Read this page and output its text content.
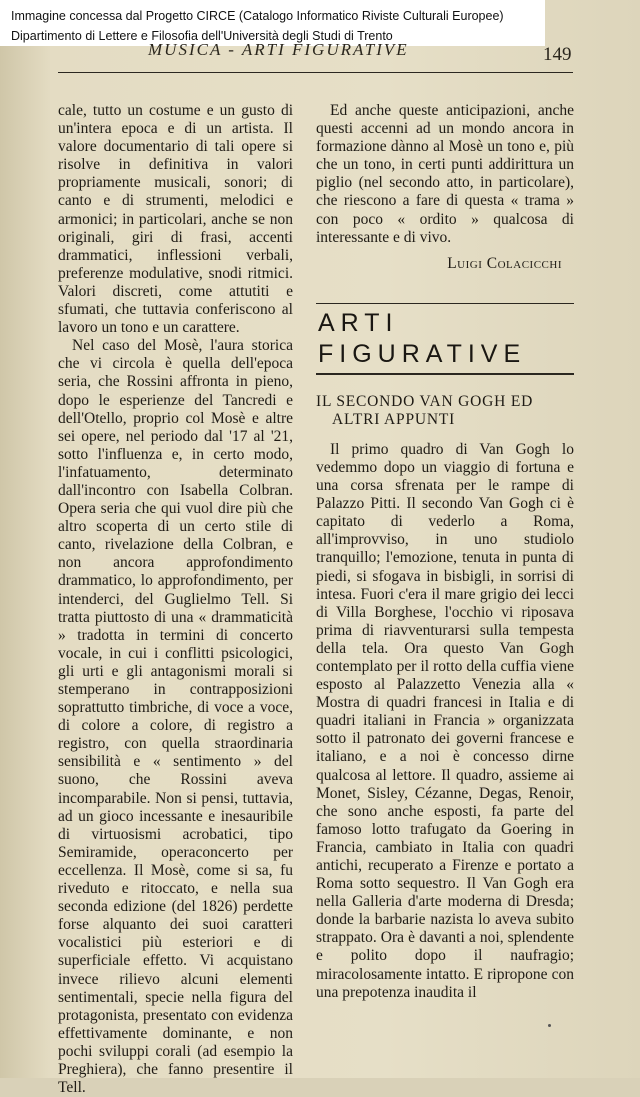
Immagine concessa dal Progetto CIRCE (Catalogo Informatico Riviste Culturali Europee)
Dipartimento di Lettere e Filosofia dell'Università degli Studi di Trento
MUSICA - ARTI FIGURATIVE	149

cale, tutto un costume e un gusto di un'intera epoca e di un artista. Il valore documentario di tali opere si risolve in definitiva in valori propriamente musicali, sonori; di canto e di strumenti, melodici e armonici; in particolari, anche se non originali, giri di frasi, accenti drammatici, inflessioni verbali, preferenze modulative, snodi ritmici. Valori discreti, come attutiti e sfumati, che tuttavia conferiscono al lavoro un tono e un carattere.

Nel caso del Mosè, l'aura storica che vi circola è quella dell'epoca seria, che Rossini affronta in pieno, dopo le esperienze del Tancredi e dell'Otello, proprio col Mosè e altre sei opere, nel periodo dal '17 al '21, sotto l'influenza e, in certo modo, l'infatuamento, determinato dall'incontro con Isabella Colbran. Opera seria che qui vuol dire più che altro scoperta di un certo stile di canto, rivelazione della Colbran, e non ancora approfondimento drammatico, lo approfondimento, per intenderci, del Guglielmo Tell. Si tratta piuttosto di una « drammaticità » tradotta in termini di concerto vocale, in cui i conflitti psicologici, gli urti e gli antagonismi morali si stemperano in contrapposizioni soprattutto timbriche, di voce a voce, di colore a colore, di registro a registro, con quella straordinaria sensibilità e « sentimento » del suono, che Rossini aveva incomparabile. Non si pensi, tuttavia, ad un gioco incessante e inesauribile di virtuosismi acrobatici, tipo Semiramide, operaconcerto per eccellenza. Il Mosè, come si sa, fu riveduto e ritoccato, e nella sua seconda edizione (del 1826) perdette forse alquanto dei suoi caratteri vocalistici più esteriori e di superficiale effetto. Vi acquistano invece rilievo alcuni elementi sentimentali, specie nella figura del protagonista, presentato con evidenza effettivamente dominante, e non pochi sviluppi corali (ad esempio la Preghiera), che fanno presentire il Tell.

Ed anche queste anticipazioni, anche questi accenni ad un mondo ancora in formazione dànno al Mosè un tono e, più che un tono, in certi punti addirittura un piglio (nel secondo atto, in particolare), che riescono a fare di questa « trama » con poco « ordito » qualcosa di interessante e di vivo.

Luigi Colacicchi

ARTI
FIGURATIVE
IL SECONDO VAN GOGH ED
ALTRI APPUNTI

Il primo quadro di Van Gogh lo vedemmo dopo un viaggio di fortuna e una corsa sfrenata per le rampe di Palazzo Pitti. Il secondo Van Gogh ci è capitato di vederlo a Roma, all'improvviso, in uno studiolo tranquillo; l'emozione, tenuta in punta di piedi, si sfogava in bisbigli, in sorrisi di intesa. Fuori c'era il mare grigio dei lecci di Villa Borghese, l'occhio vi riposava prima di riavventurarsi sulla tempesta della tela. Ora questo Van Gogh contemplato per il rotto della cuffia viene esposto al Palazzetto Venezia alla « Mostra di quadri francesi in Italia e di quadri italiani in Francia » organizzata sotto il patronato dei governi francese e italiano, e a noi è concesso dirne qualcosa al lettore. Il quadro, assieme ai Monet, Sisley, Cézanne, Degas, Renoir, che sono anche esposti, fa parte del famoso lotto trafugato da Goering in Francia, cambiato in Italia con quadri antichi, recuperato a Firenze e portato a Roma sotto sequestro. Il Van Gogh era nella Galleria d'arte moderna di Dresda; donde la barbarie nazista lo aveva subito strappato. Ora è davanti a noi, splendente e polito dopo il naufragio; miracolosamente intatto. E ripropone con una prepotenza inaudita il
